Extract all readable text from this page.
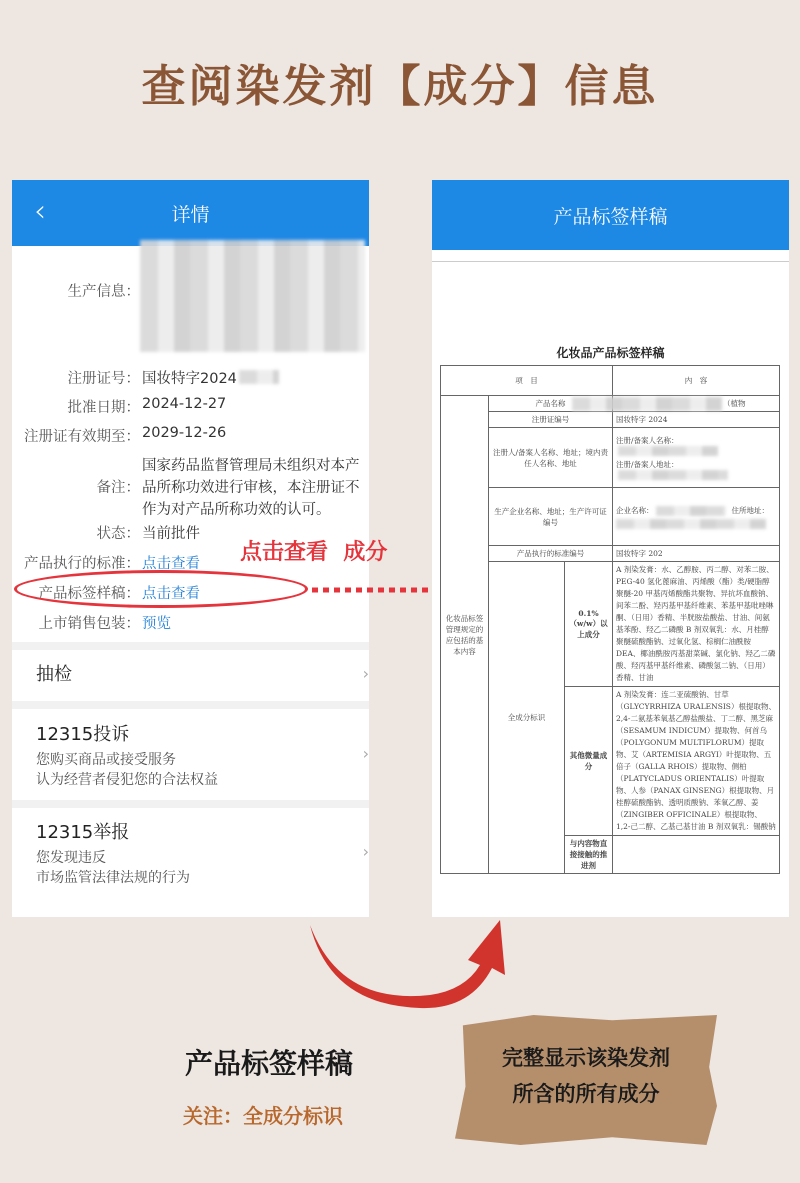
查阅染发剂【成分】信息
‹	详情
生产信息：
注册证号： 国妆特字2024
批准日期： 2024-12-27
注册证有效期至： 2029-12-26
备注：
国家药品监督管理局未组织对本产品所称功效进行审核，本注册证不作为对产品所称功效的认可。
状态： 当前批件
产品执行的标准： 点击查看
产品标签样稿： 点击查看
上市销售包装： 预览
抽检	›
12315投诉
您购买商品或接受服务
认为经营者侵犯您的合法权益
›
12315举报
您发现违反
市场监管法律法规的行为
›
点击查看  成分
产品标签样稿
化妆品产品标签样稿
项　目			内　容
化妆品标签管理规定的应包括的基本内容	产品名称		（植物
	注册证编号		国妆特字 2024
	注册人/备案人名称、地址；境内责任人名称、地址		注册/备案人名称：
注册/备案人地址：

	生产企业名称、地址；生产许可证编号		企业名称： 住所地址：

	产品执行的标准编号		国妆特字 202
	全成分标识	0.1%（w/w）以上成分	A 剂染发膏：水、乙醇胺、丙二醇、对苯二胺、PEG-40 氢化蓖麻油、丙烯酸（酯）类/硬脂醇聚醚-20 甲基丙烯酸酯共聚物、异抗坏血酸钠、间苯二酚、羟丙基甲基纤维素、苯基甲基吡唑啉酮、（日用）香精、半胱胺盐酸盐、甘油、间氨基苯酚、羟乙二磷酸 B 剂双氧乳：水、月桂醇聚醚硫酸酯钠、过氧化氢、棕榈仁油酰胺 DEA、椰油酰胺丙基甜菜碱、氯化钠、羟乙二磷酸、羟丙基甲基纤维素、磷酸氢二钠、（日用）香精、甘油
		其他微量成分	A 剂染发膏：连二亚硫酸钠、甘草（GLYCYRRHIZA URALENSIS）根提取物、2,4-二氨基苯氧基乙醇盐酸盐、丁二醇、黑芝麻（SESAMUM INDICUM）提取物、何首乌（POLYGONUM MULTIFLORUM）提取物、艾（ARTEMISIA ARGYI）叶提取物、五倍子（GALLA RHOIS）提取物、侧柏（PLATYCLADUS ORIENTALIS）叶提取物、人参（PANAX GINSENG）根提取物、月桂醇硫酸酯钠、透明质酸钠、苯氧乙醇、姜（ZINGIBER OFFICINALE）根提取物、1,2-己二醇、乙基己基甘油 B 剂双氧乳：锡酸钠
		与内容物直接接触的推进剂	
产品标签样稿
关注：全成分标识
完整显示该染发剂
所含的所有成分
